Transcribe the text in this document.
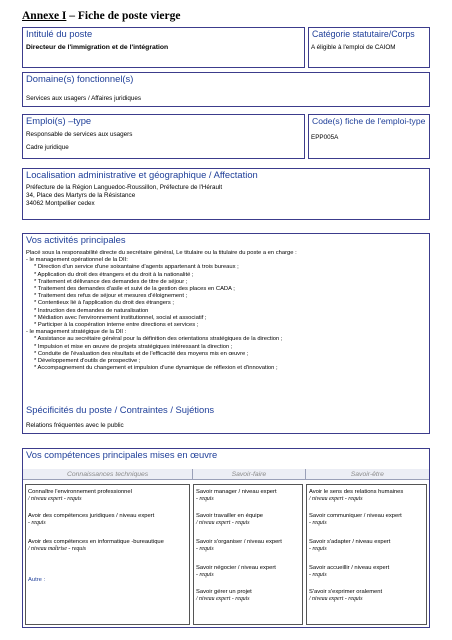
Annexe I – Fiche de poste vierge
Intitulé du poste
Directeur de l'immigration et de l'intégration
Catégorie statutaire/Corps
A éligible à l'emploi de CAIOM
Domaine(s) fonctionnel(s)
Services aux usagers / Affaires juridiques
Emploi(s) –type
Responsable de services aux usagers
Cadre juridique
Code(s) fiche de l'emploi-type
EPP005A
Localisation administrative et géographique / Affectation
Préfecture de la Région Languedoc-Roussillon, Préfecture de l'Hérault
34, Place des Martyrs de la Résistance
34062 Montpellier cedex
Vos activités principales
Placé sous la responsabilité directe du secrétaire général, Le titulaire ou la titulaire du poste a en charge :
- le management opérationnel de la DII:
* Direction d'un service d'une soixantaine d'agents appartenant à trois bureaux ;
* Application du droit des étrangers et du droit à la nationalité ;
* Traitement et délivrance des demandes de titre de séjour ;
* Traitement des demandes d'asile et suivi de la gestion des places en CADA ;
* Traitement des refus de séjour et mesures d'éloignement ;
* Contentieux lié à l'application du droit des étrangers ;
* Instruction des demandes de naturalisation
* Médiation avec l'environnement institutionnel, social et associatif ;
* Participer à la coopération interne entre directions et services ;
- le management stratégique de la DII :
* Assistance au secrétaire général pour la définition des orientations stratégiques de la direction ;
* Impulsion et mise en œuvre de projets stratégiques intéressant la direction ;
* Conduite de l'évaluation des résultats et de l'efficacité des moyens mis en œuvre ;
* Développement d'outils de prospective ;
* Accompagnement du changement et impulsion d'une dynamique de réflexion et d'innovation ;
Spécificités du poste / Contraintes / Sujétions
Relations fréquentes avec le public
Vos compétences principales mises en œuvre
Connaissances techniques	Savoir-faire	Savoir-être
Connaître l'environnement professionnel
/ niveau expert - requis
Avoir des compétences juridiques / niveau expert
- requis
Avoir des compétences en informatique -bureautique
/ niveau maîtrise - requis
Autre :
Savoir manager / niveau expert
- requis
Savoir travailler en équipe
/ niveau expert - requis
Savoir s'organiser / niveau expert
- requis
Savoir négocier / niveau expert
- requis
Savoir gérer un projet
/ niveau expert - requis
Avoir le sens des relations humaines
/ niveau expert - requis
Savoir communiquer / niveau expert
- requis
Savoir s'adapter / niveau expert
- requis
Savoir accueillir / niveau expert
- requis
S'avoir s'exprimer oralement
/ niveau expert - requis
